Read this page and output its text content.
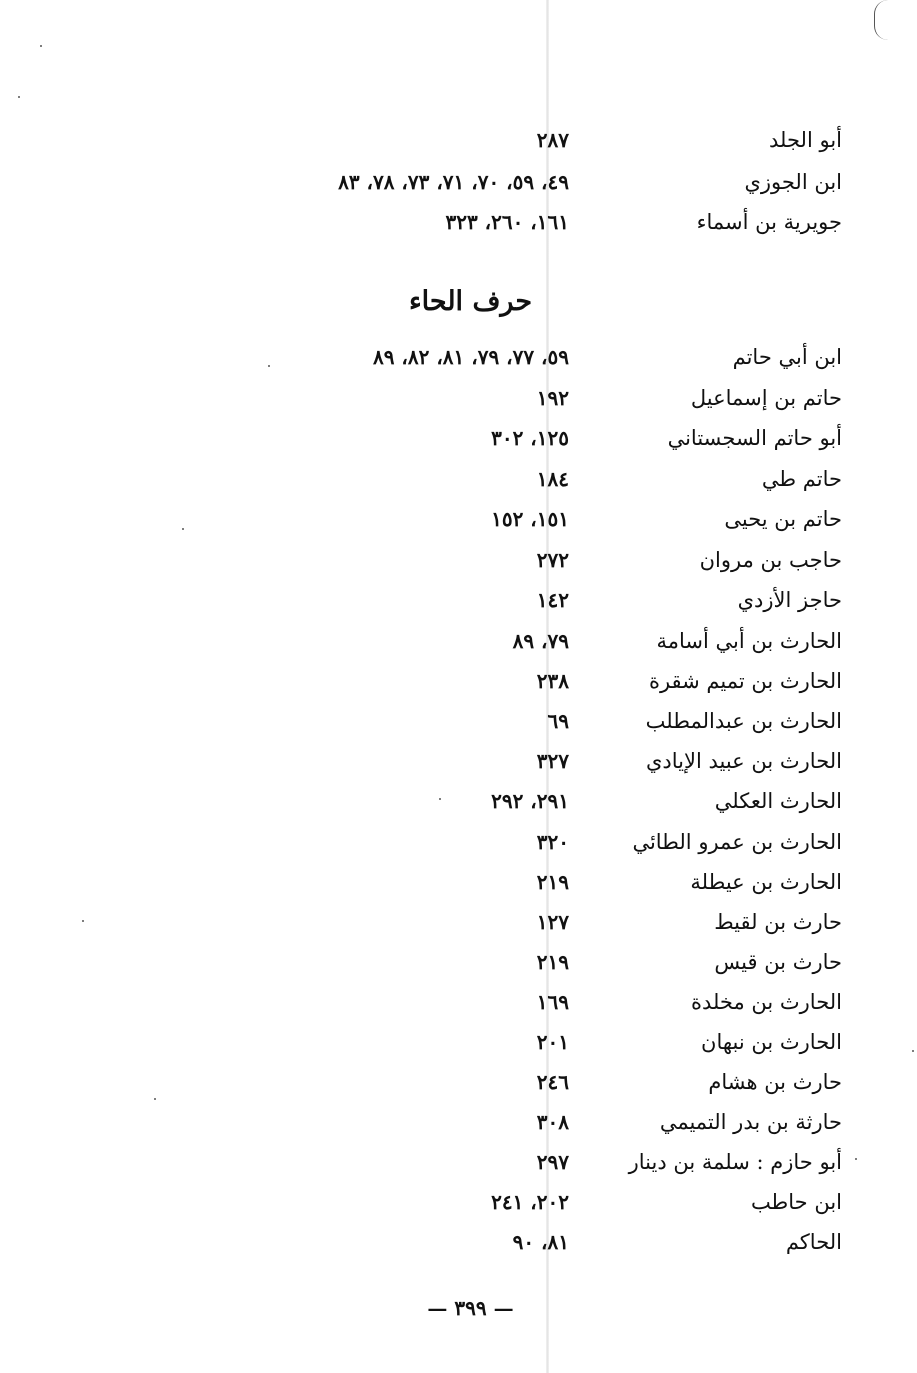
أبو الجلد
٢٨٧
ابن الجوزي
٤٩، ٥٩، ٧٠، ٧١، ٧٣، ٧٨، ٨٣
جويرية بن أسماء
١٦١، ٢٦٠، ٣٢٣
حرف الحاء
ابن أبي حاتم
٥٩، ٧٧، ٧٩، ٨١، ٨٢، ٨٩
حاتم بن إسماعيل
١٩٢
أبو حاتم السجستاني
١٢٥، ٣٠٢
حاتم طي
١٨٤
حاتم بن يحيى
١٥١، ١٥٢
حاجب بن مروان
٢٧٢
حاجز الأزدي
١٤٢
الحارث بن أبي أسامة
٧٩، ٨٩
الحارث بن تميم شقرة
٢٣٨
الحارث بن عبدالمطلب
٦٩
الحارث بن عبيد الإيادي
٣٢٧
الحارث العكلي
٢٩١، ٢٩٢
الحارث بن عمرو الطائي
٣٢٠
الحارث بن عيطلة
٢١٩
حارث بن لقيط
١٢٧
حارث بن قيس
٢١٩
الحارث بن مخلدة
١٦٩
الحارث بن نبهان
٢٠١
حارث بن هشام
٢٤٦
حارثة بن بدر التميمي
٣٠٨
أبو حازم : سلمة بن دينار
٢٩٧
ابن حاطب
٢٠٢، ٢٤١
الحاكم
٨١، ٩٠
— ٣٩٩ —
